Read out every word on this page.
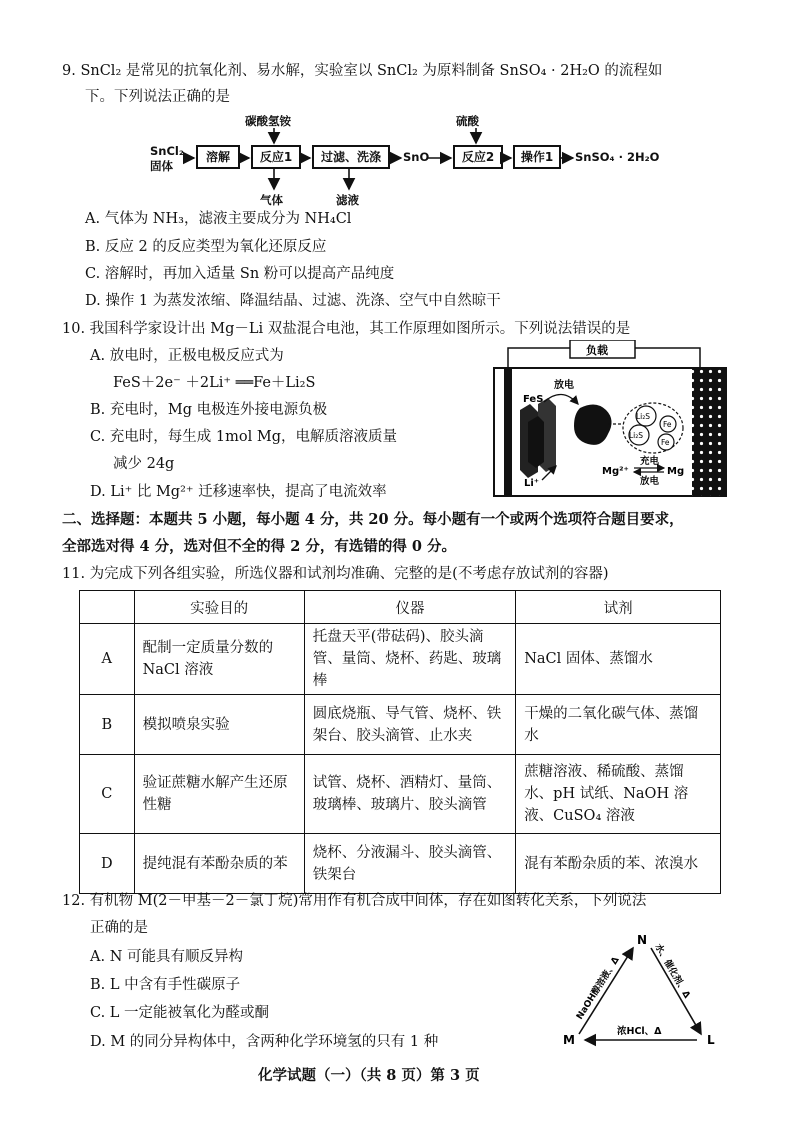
9. SnCl₂ 是常见的抗氧化剂、易水解，实验室以 SnCl₂ 为原料制备 SnSO₄ · 2H₂O 的流程如
下。下列说法正确的是
SnCl₂
固体
碳酸氢铵	硫酸
溶解	反应1	过滤、洗涤	SnO	反应2	操作1	SnSO₄ · 2H₂O
气体	滤液
A. 气体为 NH₃，滤液主要成分为 NH₄Cl
B. 反应 2 的反应类型为氧化还原反应
C. 溶解时，再加入适量 Sn 粉可以提高产品纯度
D. 操作 1 为蒸发浓缩、降温结晶、过滤、洗涤、空气中自然晾干
10. 我国科学家设计出 Mg－Li 双盐混合电池，其工作原理如图所示。下列说法错误的是
A. 放电时，正极电极反应式为
FeS＋2e⁻ ＋2Li⁺ ══Fe＋Li₂S
B. 充电时，Mg 电极连外接电源负极
C. 充电时，每生成 1mol Mg，电解质溶液质量
减少 24g
D. Li⁺ 比 Mg²⁺ 迁移速率快，提高了电流效率
负载
FeS
放电
Li₂S
Li₂S
Fe
Fe
Li⁺
Mg²⁺
充电
放电
Mg
二、选择题：本题共 5 小题，每小题 4 分，共 20 分。每小题有一个或两个选项符合题目要求，
全部选对得 4 分，选对但不全的得 2 分，有选错的得 0 分。
11. 为完成下列各组实验，所选仪器和试剂均准确、完整的是(不考虑存放试剂的容器)
	实验目的	仪器	试剂
A	配制一定质量分数的NaCl 溶液	托盘天平(带砝码)、胶头滴管、量筒、烧杯、药匙、玻璃棒	NaCl 固体、蒸馏水
B	模拟喷泉实验	圆底烧瓶、导气管、烧杯、铁架台、胶头滴管、止水夹	干燥的二氧化碳气体、蒸馏水
C	验证蔗糖水解产生还原性糖	试管、烧杯、酒精灯、量筒、玻璃棒、玻璃片、胶头滴管	蔗糖溶液、稀硫酸、蒸馏水、pH 试纸、NaOH 溶液、CuSO₄ 溶液
D	提纯混有苯酚杂质的苯	烧杯、分液漏斗、胶头滴管、铁架台	混有苯酚杂质的苯、浓溴水
12. 有机物 M(2－甲基－2－氯丁烷)常用作有机合成中间体，存在如图转化关系，下列说法
正确的是
A. N 可能具有顺反异构
B. L 中含有手性碳原子
C. L 一定能被氧化为醛或酮
D. M 的同分异构体中，含两种化学环境氢的只有 1 种
N
M	L
NaOH醇溶液、Δ	水、催化剂、Δ
浓HCl、Δ
化学试题（一）（共 8 页）第 3 页
